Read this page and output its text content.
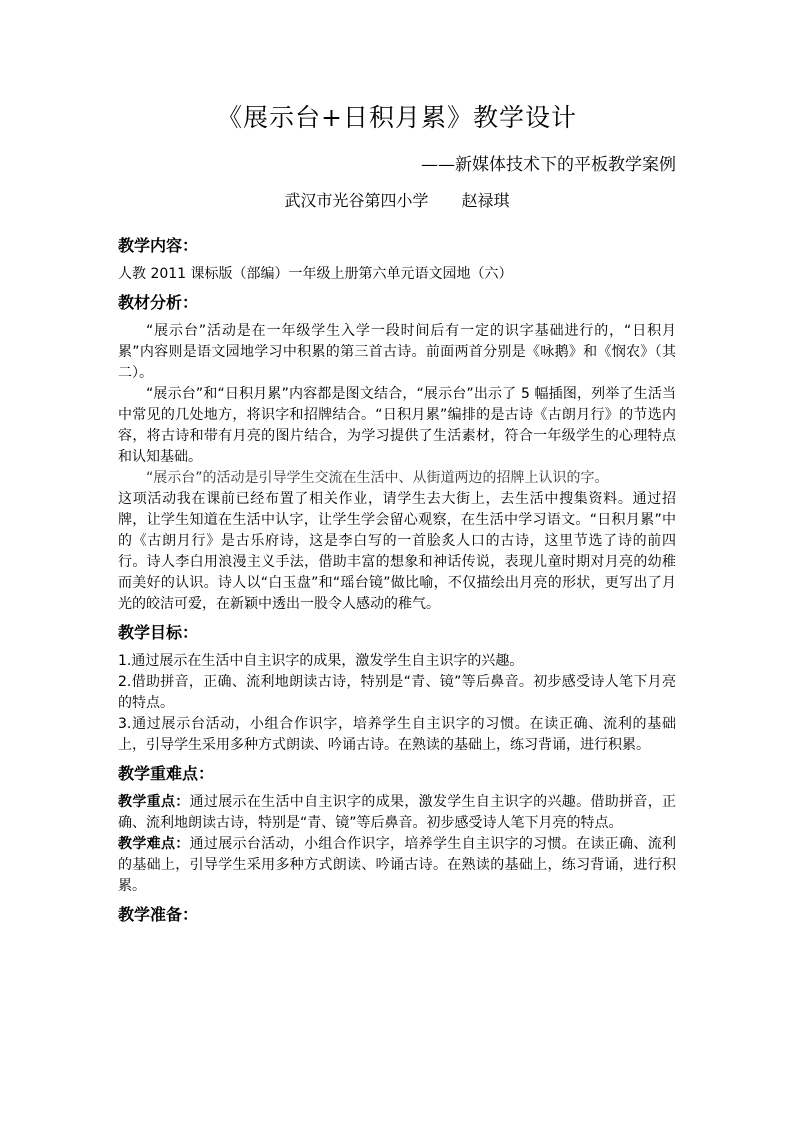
《展示台+日积月累》教学设计
——新媒体技术下的平板教学案例
武汉市光谷第四小学 赵禄琪
教学内容：

人教 2011 课标版（部编）一年级上册第六单元语文园地（六）

教材分析：

“展示台”活动是在一年级学生入学一段时间后有一定的识字基础进行的，“日积月累”内容则是语文园地学习中积累的第三首古诗。前面两首分别是《咏鹅》和《悯农》（其二）。

“展示台”和“日积月累”内容都是图文结合，“展示台”出示了 5 幅插图，列举了生活当中常见的几处地方，将识字和招牌结合。“日积月累”编排的是古诗《古朗月行》的节选内容，将古诗和带有月亮的图片结合，为学习提供了生活素材，符合一年级学生的心理特点和认知基础。

“展示台”的活动是引导学生交流在生活中、从街道两边的招牌上认识的字。

这项活动我在课前已经布置了相关作业，请学生去大街上，去生活中搜集资料。通过招牌，让学生知道在生活中认字，让学生学会留心观察，在生活中学习语文。“日积月累”中的《古朗月行》是古乐府诗，这是李白写的一首脍炙人口的古诗，这里节选了诗的前四行。诗人李白用浪漫主义手法，借助丰富的想象和神话传说，表现儿童时期对月亮的幼稚而美好的认识。诗人以“白玉盘”和“瑶台镜”做比喻，不仅描绘出月亮的形状，更写出了月光的皎洁可爱，在新颖中透出一股令人感动的稚气。

教学目标：

1.通过展示在生活中自主识字的成果，激发学生自主识字的兴趣。

2.借助拼音，正确、流利地朗读古诗，特别是“青、镜”等后鼻音。初步感受诗人笔下月亮的特点。

3.通过展示台活动，小组合作识字，培养学生自主识字的习惯。在读正确、流利的基础上，引导学生采用多种方式朗读、吟诵古诗。在熟读的基础上，练习背诵，进行积累。

教学重难点：

教学重点：通过展示在生活中自主识字的成果，激发学生自主识字的兴趣。借助拼音，正确、流利地朗读古诗，特别是“青、镜”等后鼻音。初步感受诗人笔下月亮的特点。

教学难点：通过展示台活动，小组合作识字，培养学生自主识字的习惯。在读正确、流利的基础上，引导学生采用多种方式朗读、吟诵古诗。在熟读的基础上，练习背诵，进行积累。

教学准备：
